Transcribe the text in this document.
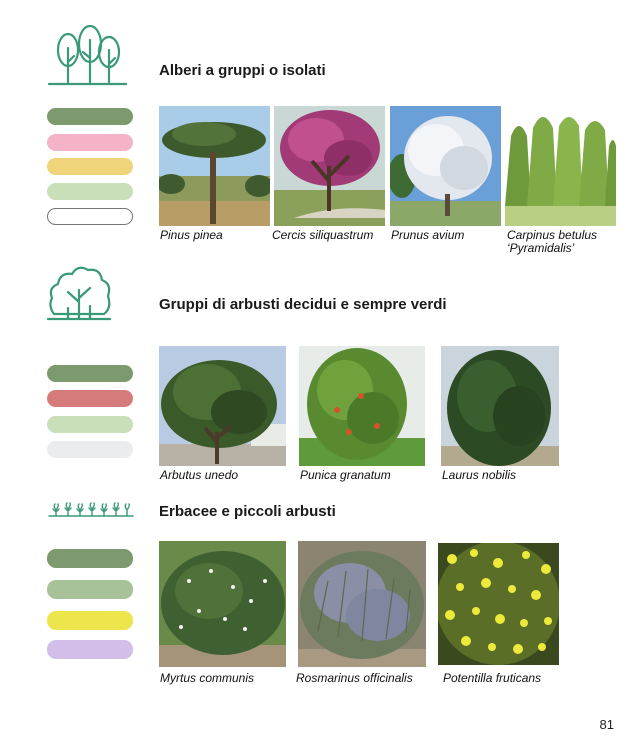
Alberi a gruppi o isolati
Pinus pinea	Cercis siliquastrum Prunus avium	Carpinus betulus
‘Pyramidalis’
Gruppi di arbusti decidui e sempre verdi
Arbutus unedo	Punica granatum	Laurus nobilis
Erbacee e piccoli arbusti
Myrtus communis	Rosmarinus officinalis	Potentilla fruticans
81
